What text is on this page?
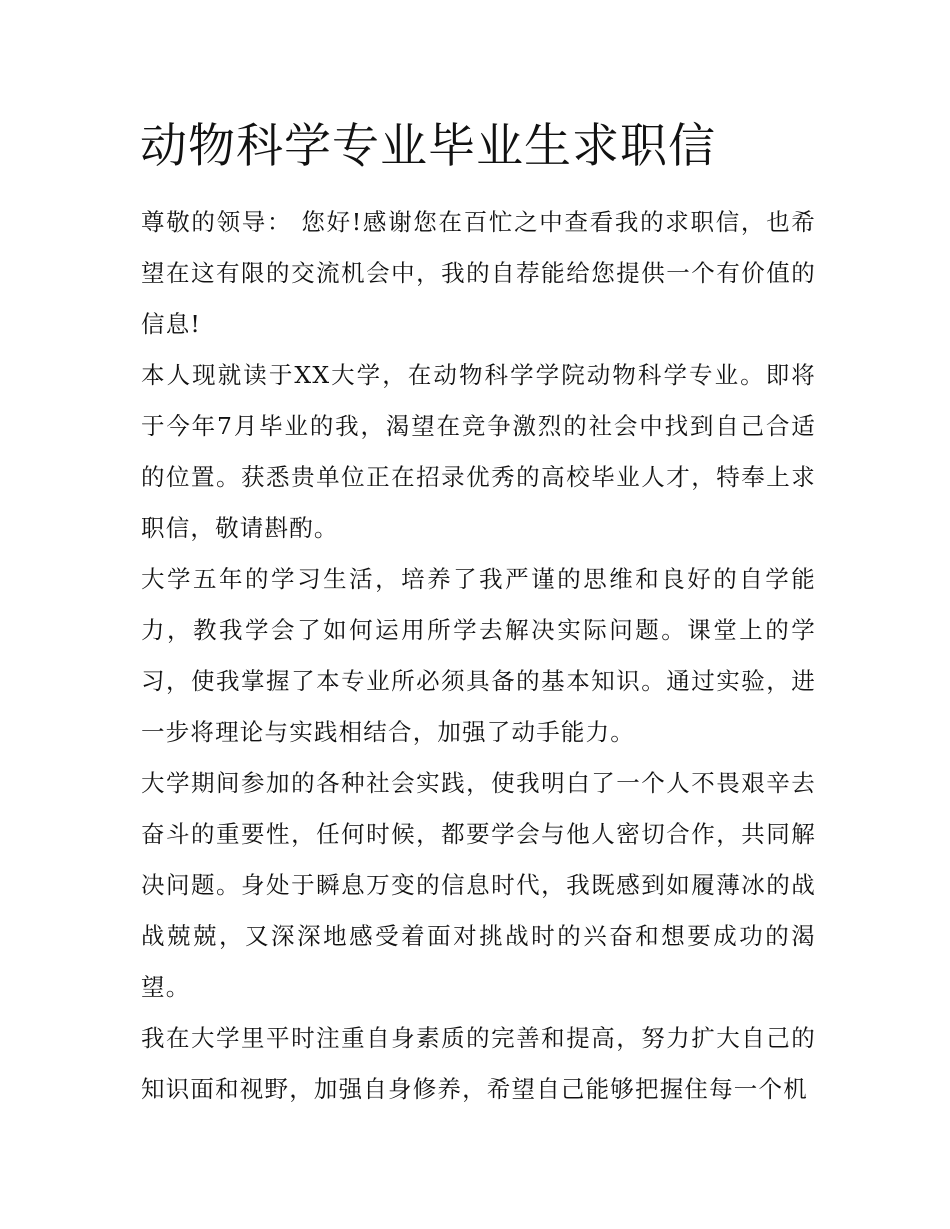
动物科学专业毕业生求职信

尊敬的领导： 您好!感谢您在百忙之中查看我的求职信，也希望在这有限的交流机会中，我的自荐能给您提供一个有价值的信息!

本人现就读于XX大学，在动物科学学院动物科学专业。即将于今年7月毕业的我，渴望在竞争激烈的社会中找到自己合适的位置。获悉贵单位正在招录优秀的高校毕业人才，特奉上求职信，敬请斟酌。

大学五年的学习生活，培养了我严谨的思维和良好的自学能力，教我学会了如何运用所学去解决实际问题。课堂上的学习，使我掌握了本专业所必须具备的基本知识。通过实验，进一步将理论与实践相结合，加强了动手能力。

大学期间参加的各种社会实践，使我明白了一个人不畏艰辛去奋斗的重要性，任何时候，都要学会与他人密切合作，共同解决问题。身处于瞬息万变的信息时代，我既感到如履薄冰的战战兢兢，又深深地感受着面对挑战时的兴奋和想要成功的渴望。

我在大学里平时注重自身素质的完善和提高，努力扩大自己的知识面和视野，加强自身修养，希望自己能够把握住每一个机
